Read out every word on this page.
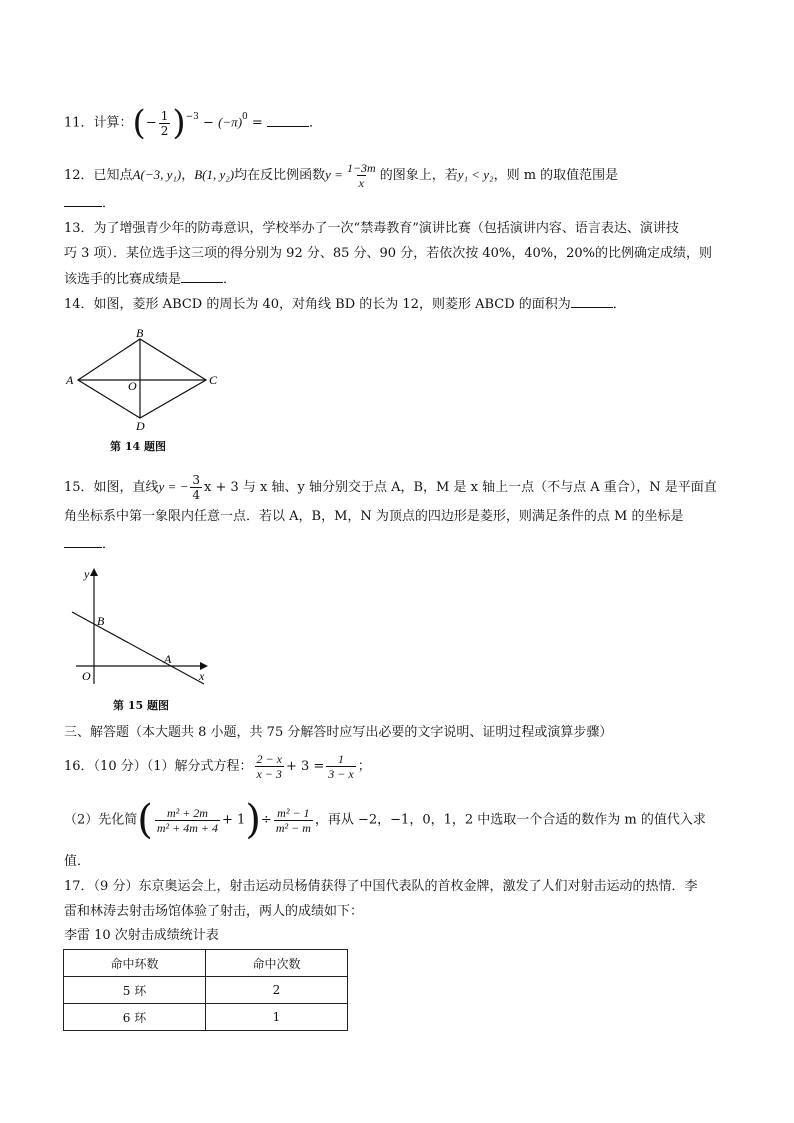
11．计算：(− $\frac{1}{2} )^{-3} - (-\pi)^0$ =	．
12．已知点A(−3, y₁)，B(1, y₂)均在反比例函数$y = \frac{1-3m}{x}$ 的图象上，若y₁ < y₂，则 m 的取值范围是
．
13．为了增强青少年的防毒意识，学校举办了一次“禁毒教育”演讲比赛（包括演讲内容、语言表达、演讲技
巧 3 项）．某位选手这三项的得分别为 92 分、85 分、90 分，若依次按 40%，40%，20%的比例确定成绩，则
该选手的比赛成绩是	．
14．如图，菱形 ABCD 的周长为 40，对角线 BD 的长为 12，则菱形 ABCD 的面积为	．
A
B
C
D
O
第 14 题图
15．如图，直线y = − $\frac{3}{4}$ x + 3 与 x 轴、y 轴分别交于点 A，B，M 是 x 轴上一点（不与点 A 重合），N 是平面直
角坐标系中第一象限内任意一点．若以 A，B，M，N 为顶点的四边形是菱形，则满足条件的点 M 的坐标是
．
y
x
B
A
O
第 15 题图
三、解答题（本大题共 8 小题，共 75 分解答时应写出必要的文字说明、证明过程或演算步骤）
16．（10 分）（1）解分式方程： $\frac{2 - x}{x - 3} + 3 = \frac{1}{3 - x}$ ；
（2）先化简( $\frac{\text{m² + 2m}}{\text{m² + 4m + 4}} + 1)\div \frac{\text{m² − 1}}{\text{m² − m}}$ ，再从 −2，−1，0，1，2 中选取一个合适的数作为 m 的值代入求
值．
17．（9 分）东京奥运会上，射击运动员杨倩获得了中国代表队的首枚金牌，激发了人们对射击运动的热情．李
雷和林涛去射击场馆体验了射击，两人的成绩如下：
李雷 10 次射击成绩统计表
命中环数	命中次数
5 环	2
6 环	1
